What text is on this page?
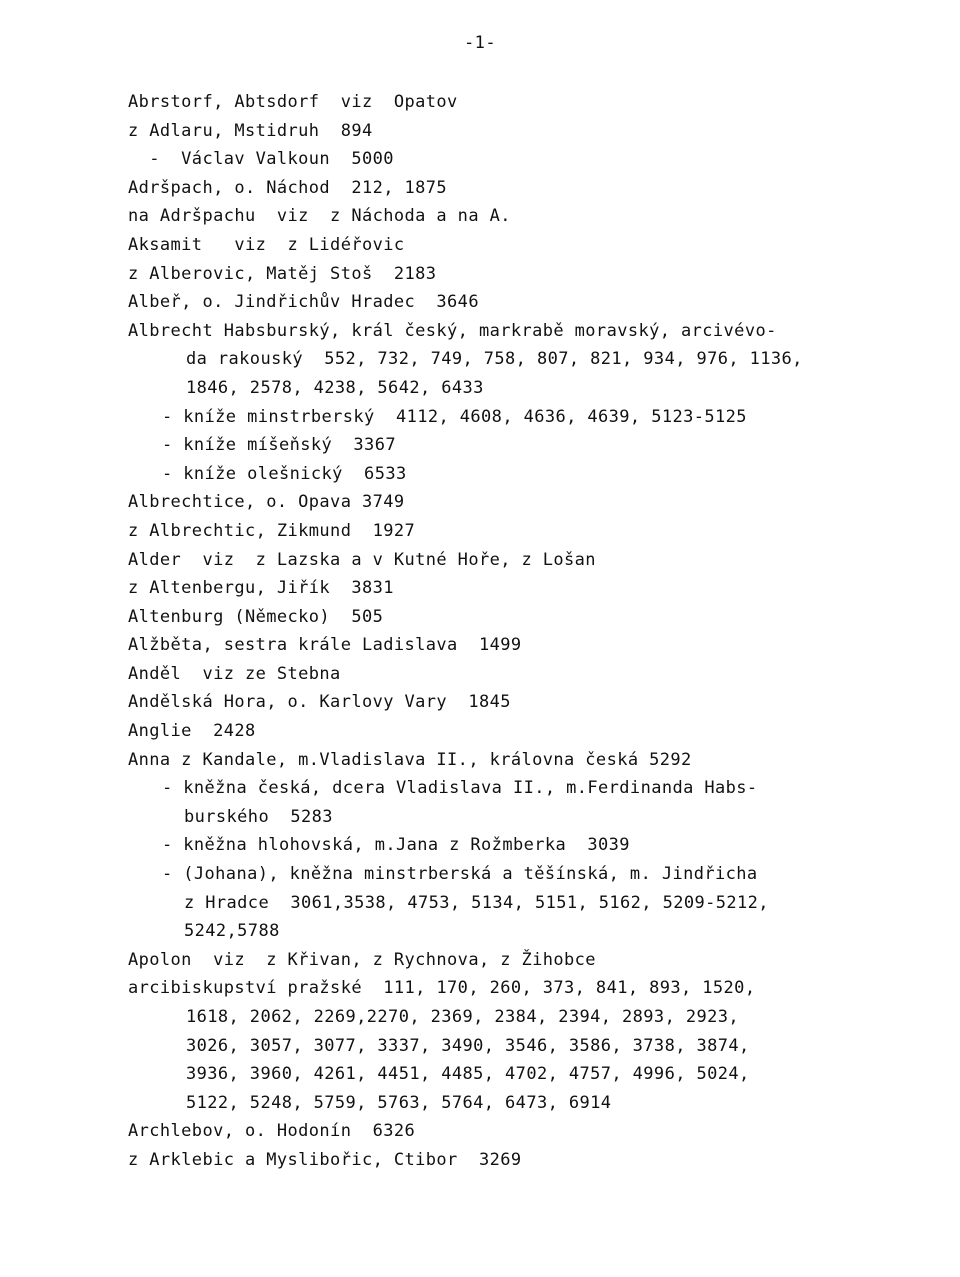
-1-
Abrstorf, Abtsdorf  viz  Opatov
z Adlaru, Mstidruh  894
-  Václav Valkoun  5000
Adršpach, o. Náchod  212, 1875
na Adršpachu  viz  z Náchoda a na A.
Aksamit   viz  z Lidéřovic
z Alberovic, Matěj Stoš  2183
Albeř, o. Jindřichův Hradec  3646
Albrecht Habsburský, král český, markrabě moravský, arcivévo-
da rakouský  552, 732, 749, 758, 807, 821, 934, 976, 1136,
1846, 2578, 4238, 5642, 6433
- kníže minstrberský  4112, 4608, 4636, 4639, 5123-5125
- kníže míšeňský  3367
- kníže olešnický  6533
Albrechtice, o. Opava 3749
z Albrechtic, Zikmund  1927
Alder  viz  z Lazska a v Kutné Hoře, z Lošan
z Altenbergu, Jiřík  3831
Altenburg (Německo)  505
Alžběta, sestra krále Ladislava  1499
Anděl  viz ze Stebna
Andělská Hora, o. Karlovy Vary  1845
Anglie  2428
Anna z Kandale, m.Vladislava II., královna česká 5292
- kněžna česká, dcera Vladislava II., m.Ferdinanda Habs-
burského  5283
- kněžna hlohovská, m.Jana z Rožmberka  3039
- (Johana), kněžna minstrberská a těšínská, m. Jindřicha
z Hradce  3061,3538, 4753, 5134, 5151, 5162, 5209-5212,
5242,5788
Apolon  viz  z Křivan, z Rychnova, z Žihobce
arcibiskupství pražské  111, 170, 260, 373, 841, 893, 1520,
1618, 2062, 2269,2270, 2369, 2384, 2394, 2893, 2923,
3026, 3057, 3077, 3337, 3490, 3546, 3586, 3738, 3874,
3936, 3960, 4261, 4451, 4485, 4702, 4757, 4996, 5024,
5122, 5248, 5759, 5763, 5764, 6473, 6914
Archlebov, o. Hodonín  6326
z Arklebic a Myslibořic, Ctibor  3269
